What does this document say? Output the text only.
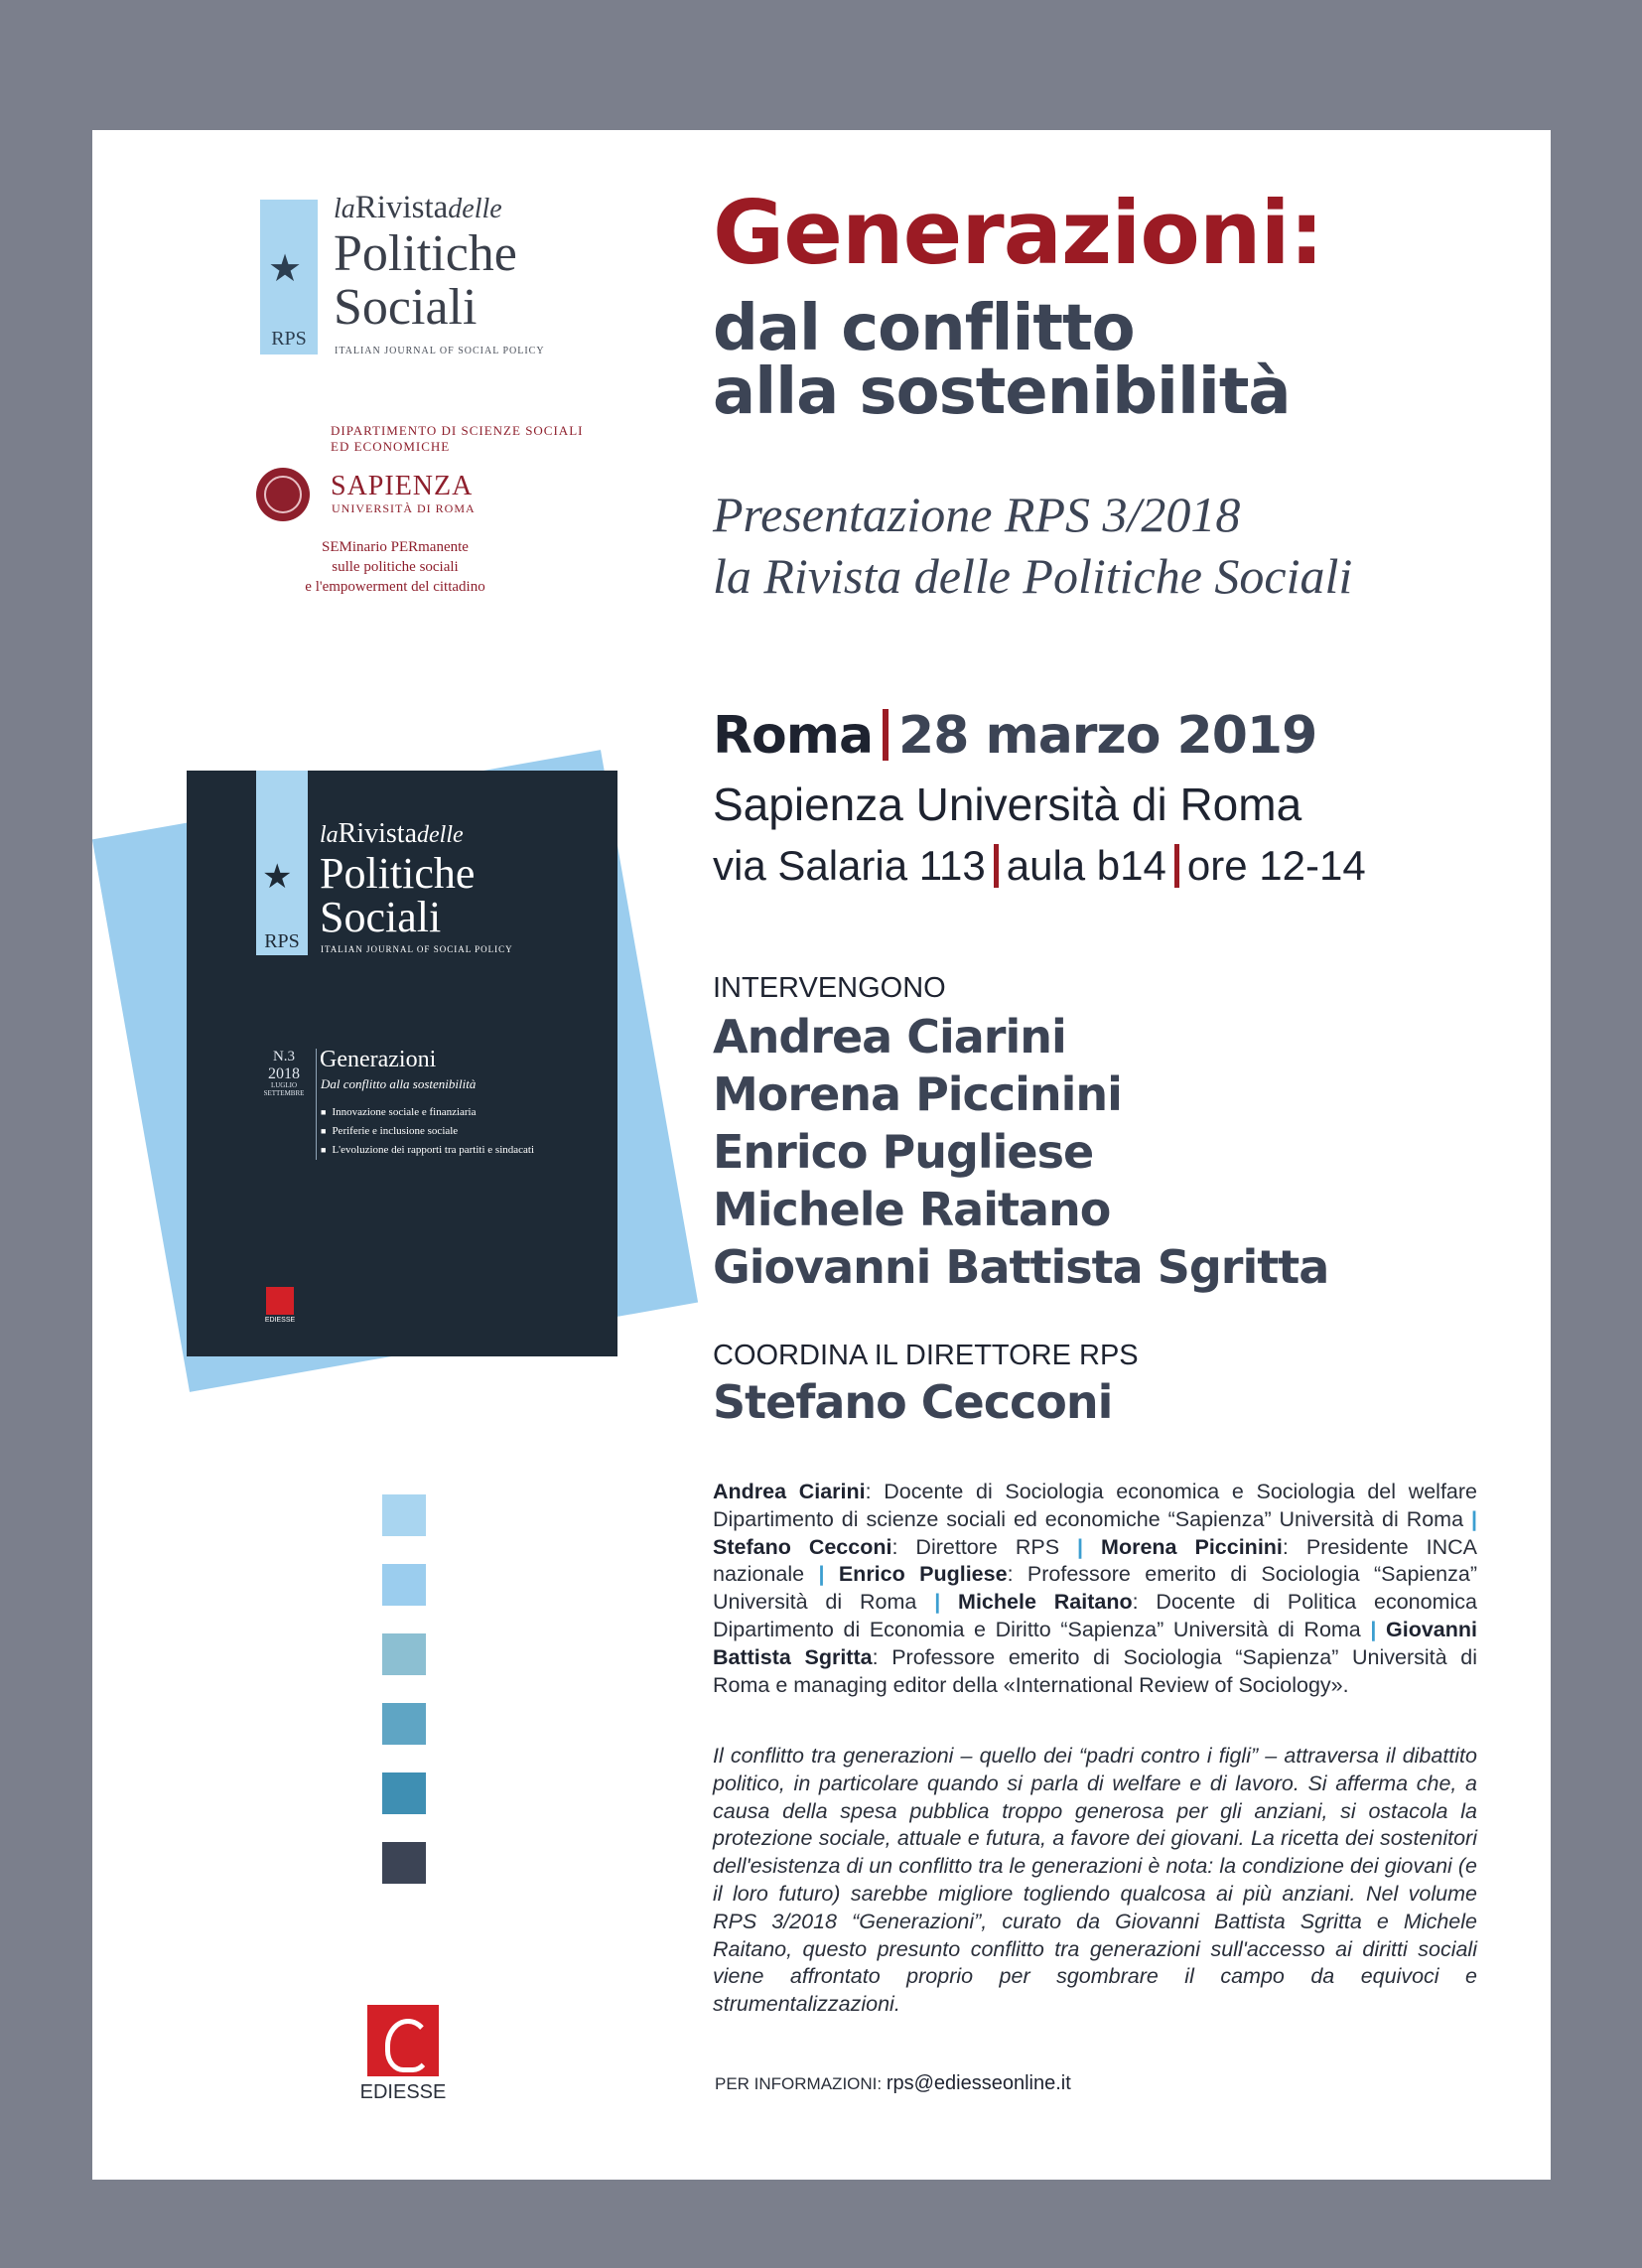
★
RPS
laRivistadelle
Politiche
Sociali
ITALIAN JOURNAL OF SOCIAL POLICY
DIPARTIMENTO DI SCIENZE SOCIALI
ED ECONOMICHE
SAPIENZA
UNIVERSITÀ DI ROMA
SEMinario PERmanente
sulle politiche sociali
e l'empowerment del cittadino
Generazioni:
dal conflitto
alla sostenibilità
Presentazione RPS 3/2018
la Rivista delle Politiche Sociali
★
RPS
laRivistadelle
Politiche
Sociali
ITALIAN JOURNAL OF SOCIAL POLICY
N.3
2018
LUGLIO
SETTEMBRE
Generazioni
Dal conflitto alla sostenibilità
■ Innovazione sociale e finanziaria
■ Periferie e inclusione sociale
■ L'evoluzione dei rapporti tra partiti e sindacati
EDIESSE
Roma 28 marzo 2019
Sapienza Università di Roma
via Salaria 113 aula b14 ore 12-14
INTERVENGONO
Andrea Ciarini
Morena Piccinini
Enrico Pugliese
Michele Raitano
Giovanni Battista Sgritta
COORDINA IL DIRETTORE RPS
Stefano Cecconi
Andrea Ciarini: Docente di Sociologia economica e Sociologia del welfare Dipartimento di scienze sociali ed economiche “Sapienza” Università di Roma | Stefano Cecconi: Direttore RPS | Morena Piccinini: Presidente INCA nazionale | Enrico Pugliese: Professore emerito di Sociologia “Sapienza” Università di Roma | Michele Raitano: Docente di Politica economica Dipartimento di Economia e Diritto “Sapienza” Università di Roma | Giovanni Battista Sgritta: Professore emerito di Sociologia “Sapienza” Università di Roma e managing editor della «International Review of Sociology».
Il conflitto tra generazioni – quello dei “padri contro i figli” – attraversa il dibattito politico, in particolare quando si parla di welfare e di lavoro. Si afferma che, a causa della spesa pubblica troppo generosa per gli anziani, si ostacola la protezione sociale, attuale e futura, a favore dei giovani. La ricetta dei sostenitori dell'esistenza di un conflitto tra le generazioni è nota: la condizione dei giovani (e il loro futuro) sarebbe migliore togliendo qualcosa ai più anziani. Nel volume RPS 3/2018 “Generazioni”, curato da Giovanni Battista Sgritta e Michele Raitano, questo presunto conflitto tra generazioni sull'accesso ai diritti sociali viene affrontato proprio per sgombrare il campo da equivoci e strumentalizzazioni.
PER INFORMAZIONI: rps@ediesseonline.it
EDIESSE
